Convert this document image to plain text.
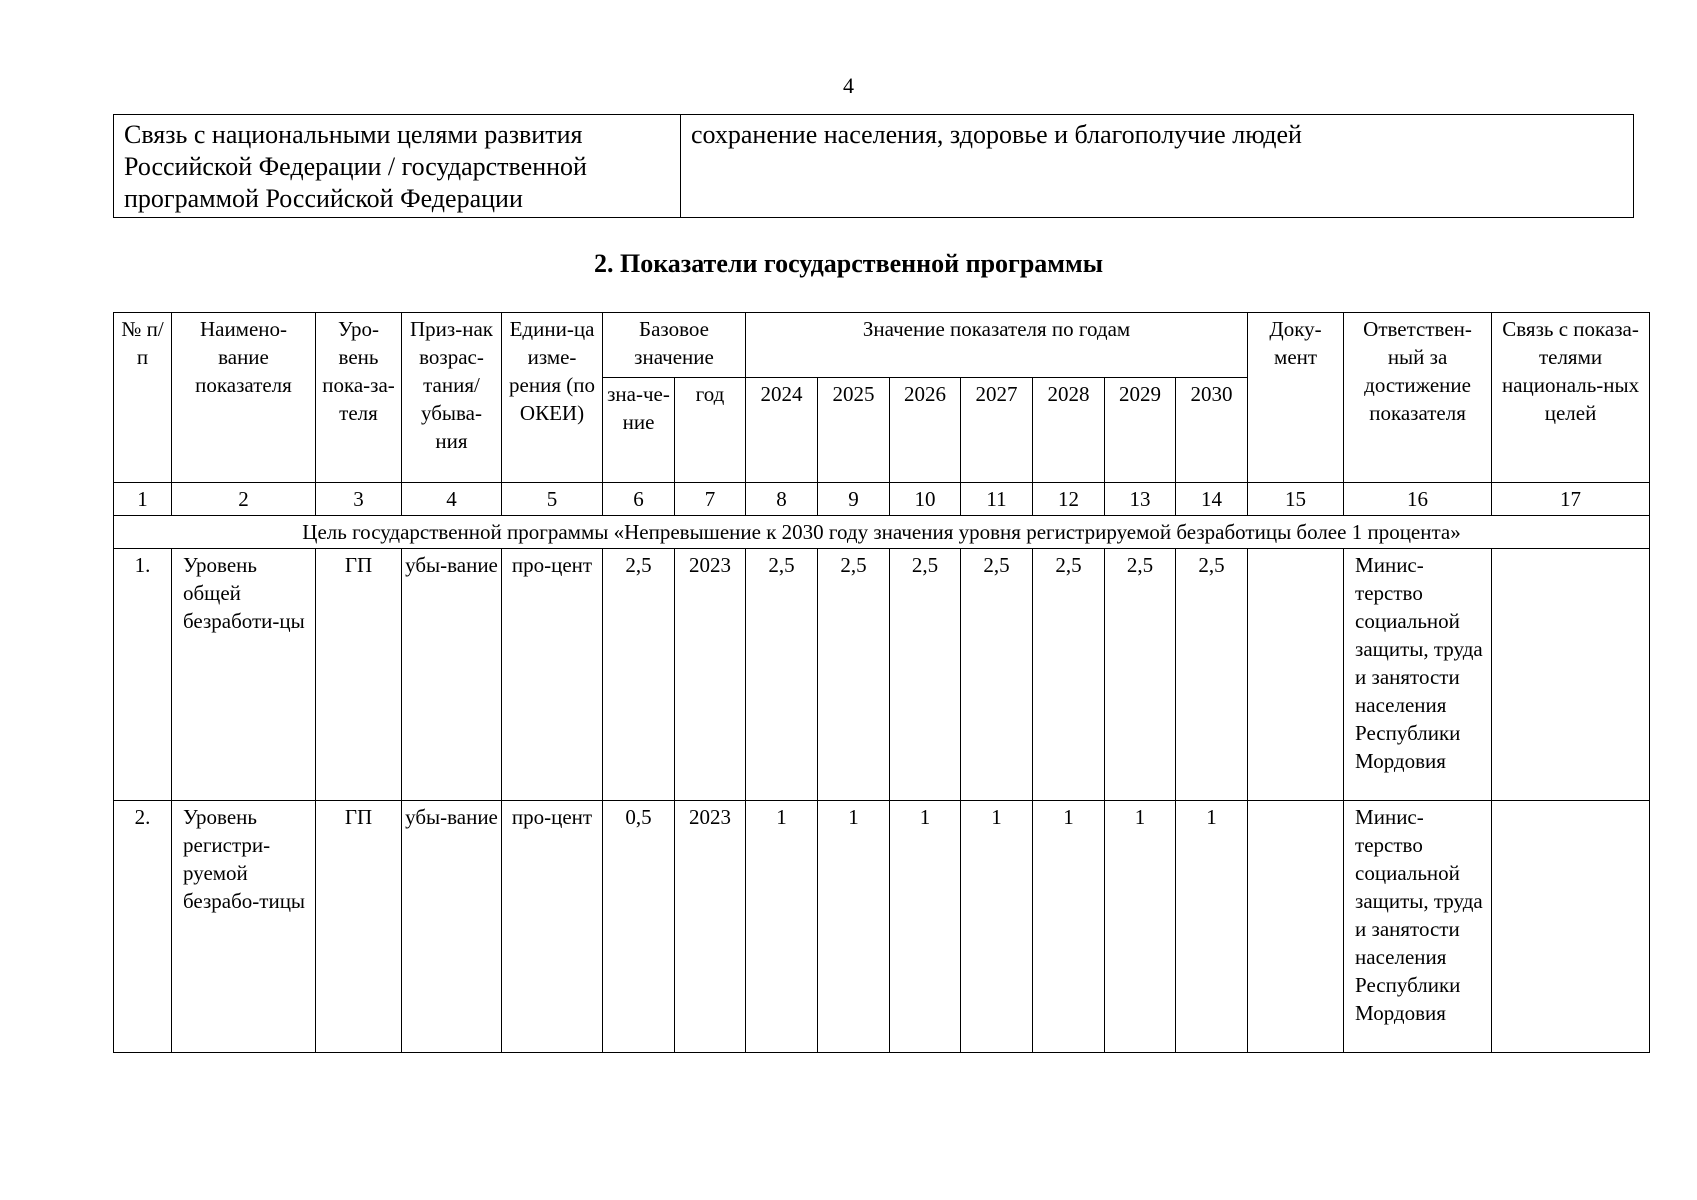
4
Связь с национальными целями развития Российской Федерации / государственной программой Российской Федерации	сохранение населения, здоровье и благополучие людей
2. Показатели государственной программы
№ п/п	Наимено-вание показателя	Уро-вень пока-за-теля	Приз-нак возрас-тания/ убыва-ния	Едини-ца изме-рения (по ОКЕИ)	Базовое значение		Значение показателя по годам							Доку-мент	Ответствен-ный за достижение показателя	Связь с показа-телями националь-ных целей
					зна-че-ние	год	2024	2025	2026	2027	2028	2029	2030			
1	2	3	4	5	6	7	8	9	10	11	12	13	14	15	16	17
Цель государственной программы «Непревышение к 2030 году значения уровня регистрируемой безработицы более 1 процента»																
1.	Уровень общей безработи-цы	ГП	убы-вание	про-цент	2,5	2023	2,5	2,5	2,5	2,5	2,5	2,5	2,5		Минис-терство социальной защиты, труда и занятости населения Республики Мордовия	
2.	Уровень регистри-руемой безрабо-тицы	ГП	убы-вание	про-цент	0,5	2023	1	1	1	1	1	1	1		Минис-терство социальной защиты, труда и занятости населения Республики Мордовия	
